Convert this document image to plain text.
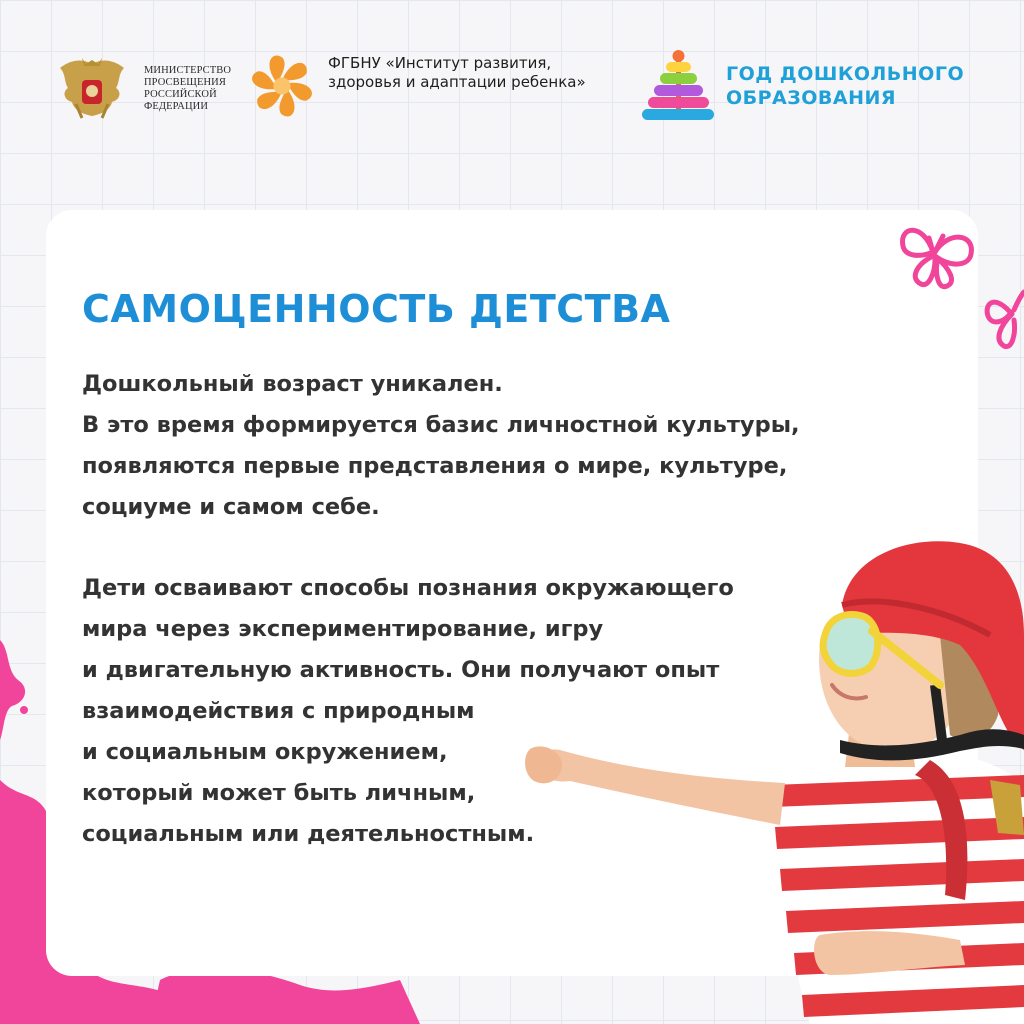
МИНИСТЕРСТВО
ПРОСВЕЩЕНИЯ
РОССИЙСКОЙ
ФЕДЕРАЦИИ
ФГБНУ «Институт развития, здоровья и адаптации ребенка»	ГОД ДОШКОЛЬНОГО
ОБРАЗОВАНИЯ
САМОЦЕННОСТЬ ДЕТСТВА
Дошкольный возраст уникален.
В это время формируется базис личностной культуры,
появляются первые представления о мире, культуре,
социуме и самом себе.
Дети осваивают способы познания окружающего
мира через экспериментирование, игру
и двигательную активность. Они получают опыт
взаимодействия с природным
и социальным окружением,
который может быть личным,
социальным или деятельностным.
